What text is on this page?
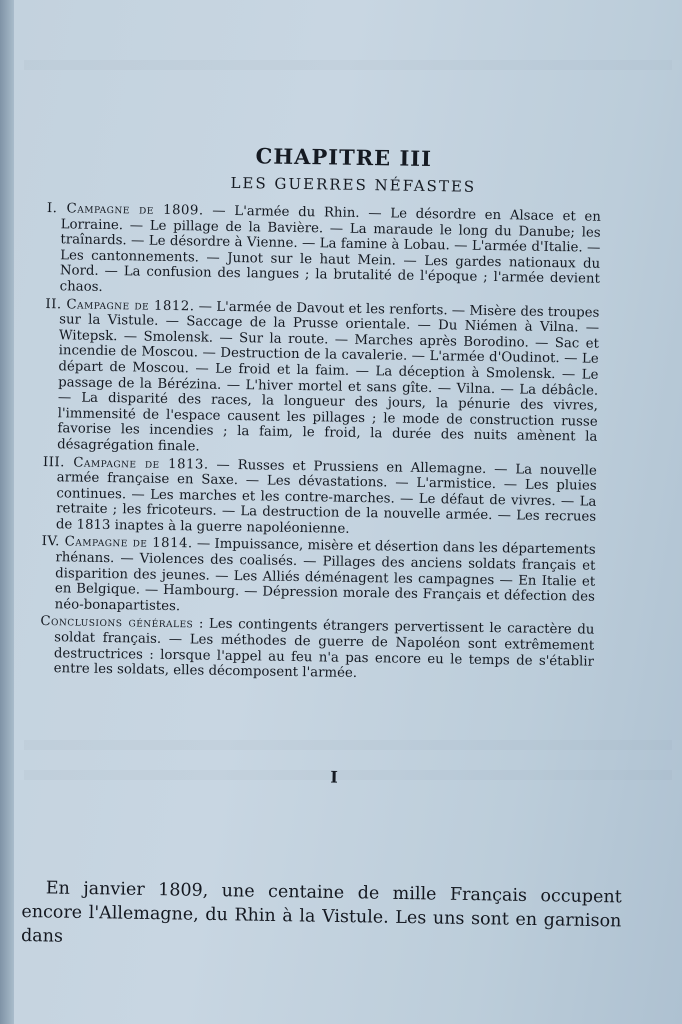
CHAPITRE III
LES GUERRES NÉFASTES

I. Campagne de 1809. — L'armée du Rhin. — Le désordre en Alsace et en Lorraine. — Le pillage de la Bavière. — La maraude le long du Danube; les traînards. — Le désordre à Vienne. — La famine à Lobau. — L'armée d'Italie. — Les cantonnements. — Junot sur le haut Mein. — Les gardes nationaux du Nord. — La confusion des langues ; la brutalité de l'époque ; l'armée devient chaos.

II. Campagne de 1812. — L'armée de Davout et les renforts. — Misère des troupes sur la Vistule. — Saccage de la Prusse orientale. — Du Niémen à Vilna. — Witepsk. — Smolensk. — Sur la route. — Marches après Borodino. — Sac et incendie de Moscou. — Destruction de la cavalerie. — L'armée d'Oudinot. — Le départ de Moscou. — Le froid et la faim. — La déception à Smolensk. — Le passage de la Bérézina. — L'hiver mortel et sans gîte. — Vilna. — La débâcle. — La disparité des races, la longueur des jours, la pénurie des vivres, l'immensité de l'espace causent les pillages ; le mode de construction russe favorise les incendies ; la faim, le froid, la durée des nuits amènent la désagrégation finale.

III. Campagne de 1813. — Russes et Prussiens en Allemagne. — La nouvelle armée française en Saxe. — Les dévastations. — L'armistice. — Les pluies continues. — Les marches et les contre-marches. — Le défaut de vivres. — La retraite ; les fricoteurs. — La destruction de la nouvelle armée. — Les recrues de 1813 inaptes à la guerre napoléonienne.

IV. Campagne de 1814. — Impuissance, misère et désertion dans les départements rhénans. — Violences des coalisés. — Pillages des anciens soldats français et disparition des jeunes. — Les Alliés déménagent les campagnes — En Italie et en Belgique. — Hambourg. — Dépression morale des Français et défection des néo-bonapartistes.

Conclusions générales : Les contingents étrangers pervertissent le caractère du soldat français. — Les méthodes de guerre de Napoléon sont extrêmement destructrices : lorsque l'appel au feu n'a pas encore eu le temps de s'établir entre les soldats, elles décomposent l'armée.

I
En janvier 1809, une centaine de mille Français occupent encore l'Allemagne, du Rhin à la Vistule. Les uns sont en garnison dans
